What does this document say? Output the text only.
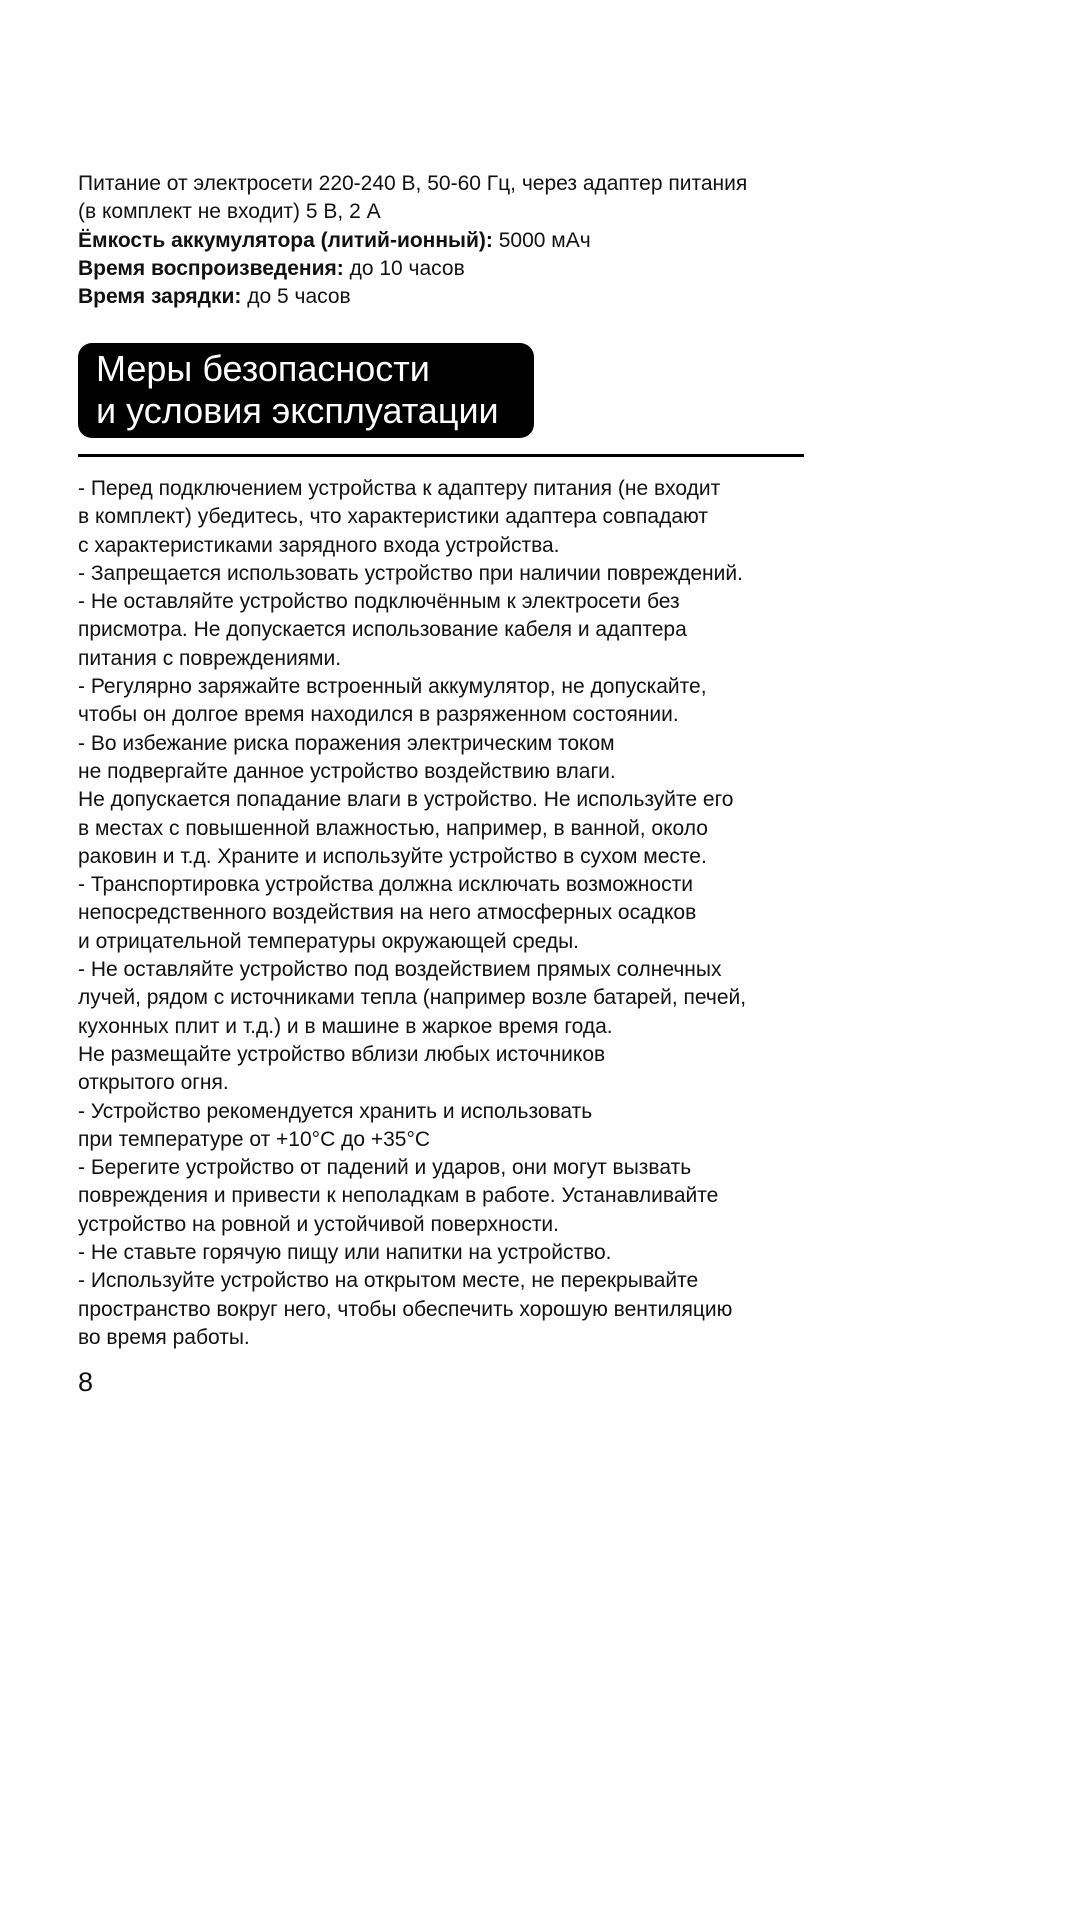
Питание от электросети 220-240 В, 50-60 Гц, через адаптер питания
(в комплект не входит) 5 В, 2 А

Ёмкость аккумулятора (литий-ионный): 5000 мАч

Время воспроизведения: до 10 часов

Время зарядки: до 5 часов

Меры безопасности
и условия эксплуатации
- Перед подключением устройства к адаптеру питания (не входит
в комплект) убедитесь, что характеристики адаптера совпадают
с характеристиками зарядного входа устройства.
- Запрещается использовать устройство при наличии повреждений.
- Не оставляйте устройство подключённым к электросети без
присмотра. Не допускается использование кабеля и адаптера
питания с повреждениями.
- Регулярно заряжайте встроенный аккумулятор, не допускайте,
чтобы он долгое время находился в разряженном состоянии.
- Во избежание риска поражения электрическим током
не подвергайте данное устройство воздействию влаги.
Не допускается попадание влаги в устройство. Не используйте его
в местах с повышенной влажностью, например, в ванной, около
раковин и т.д. Храните и используйте устройство в сухом месте.
- Транспортировка устройства должна исключать возможности
непосредственного воздействия на него атмосферных осадков
и отрицательной температуры окружающей среды.
- Не оставляйте устройство под воздействием прямых солнечных
лучей, рядом с источниками тепла (например возле батарей, печей,
кухонных плит и т.д.) и в машине в жаркое время года.
Не размещайте устройство вблизи любых источников
открытого огня.
- Устройство рекомендуется хранить и использовать
при температуре от +10°С до +35°С
- Берегите устройство от падений и ударов, они могут вызвать
повреждения и привести к неполадкам в работе. Устанавливайте
устройство на ровной и устойчивой поверхности.
- Не ставьте горячую пищу или напитки на устройство.
- Используйте устройство на открытом месте, не перекрывайте
пространство вокруг него, чтобы обеспечить хорошую вентиляцию
во время работы.
8
